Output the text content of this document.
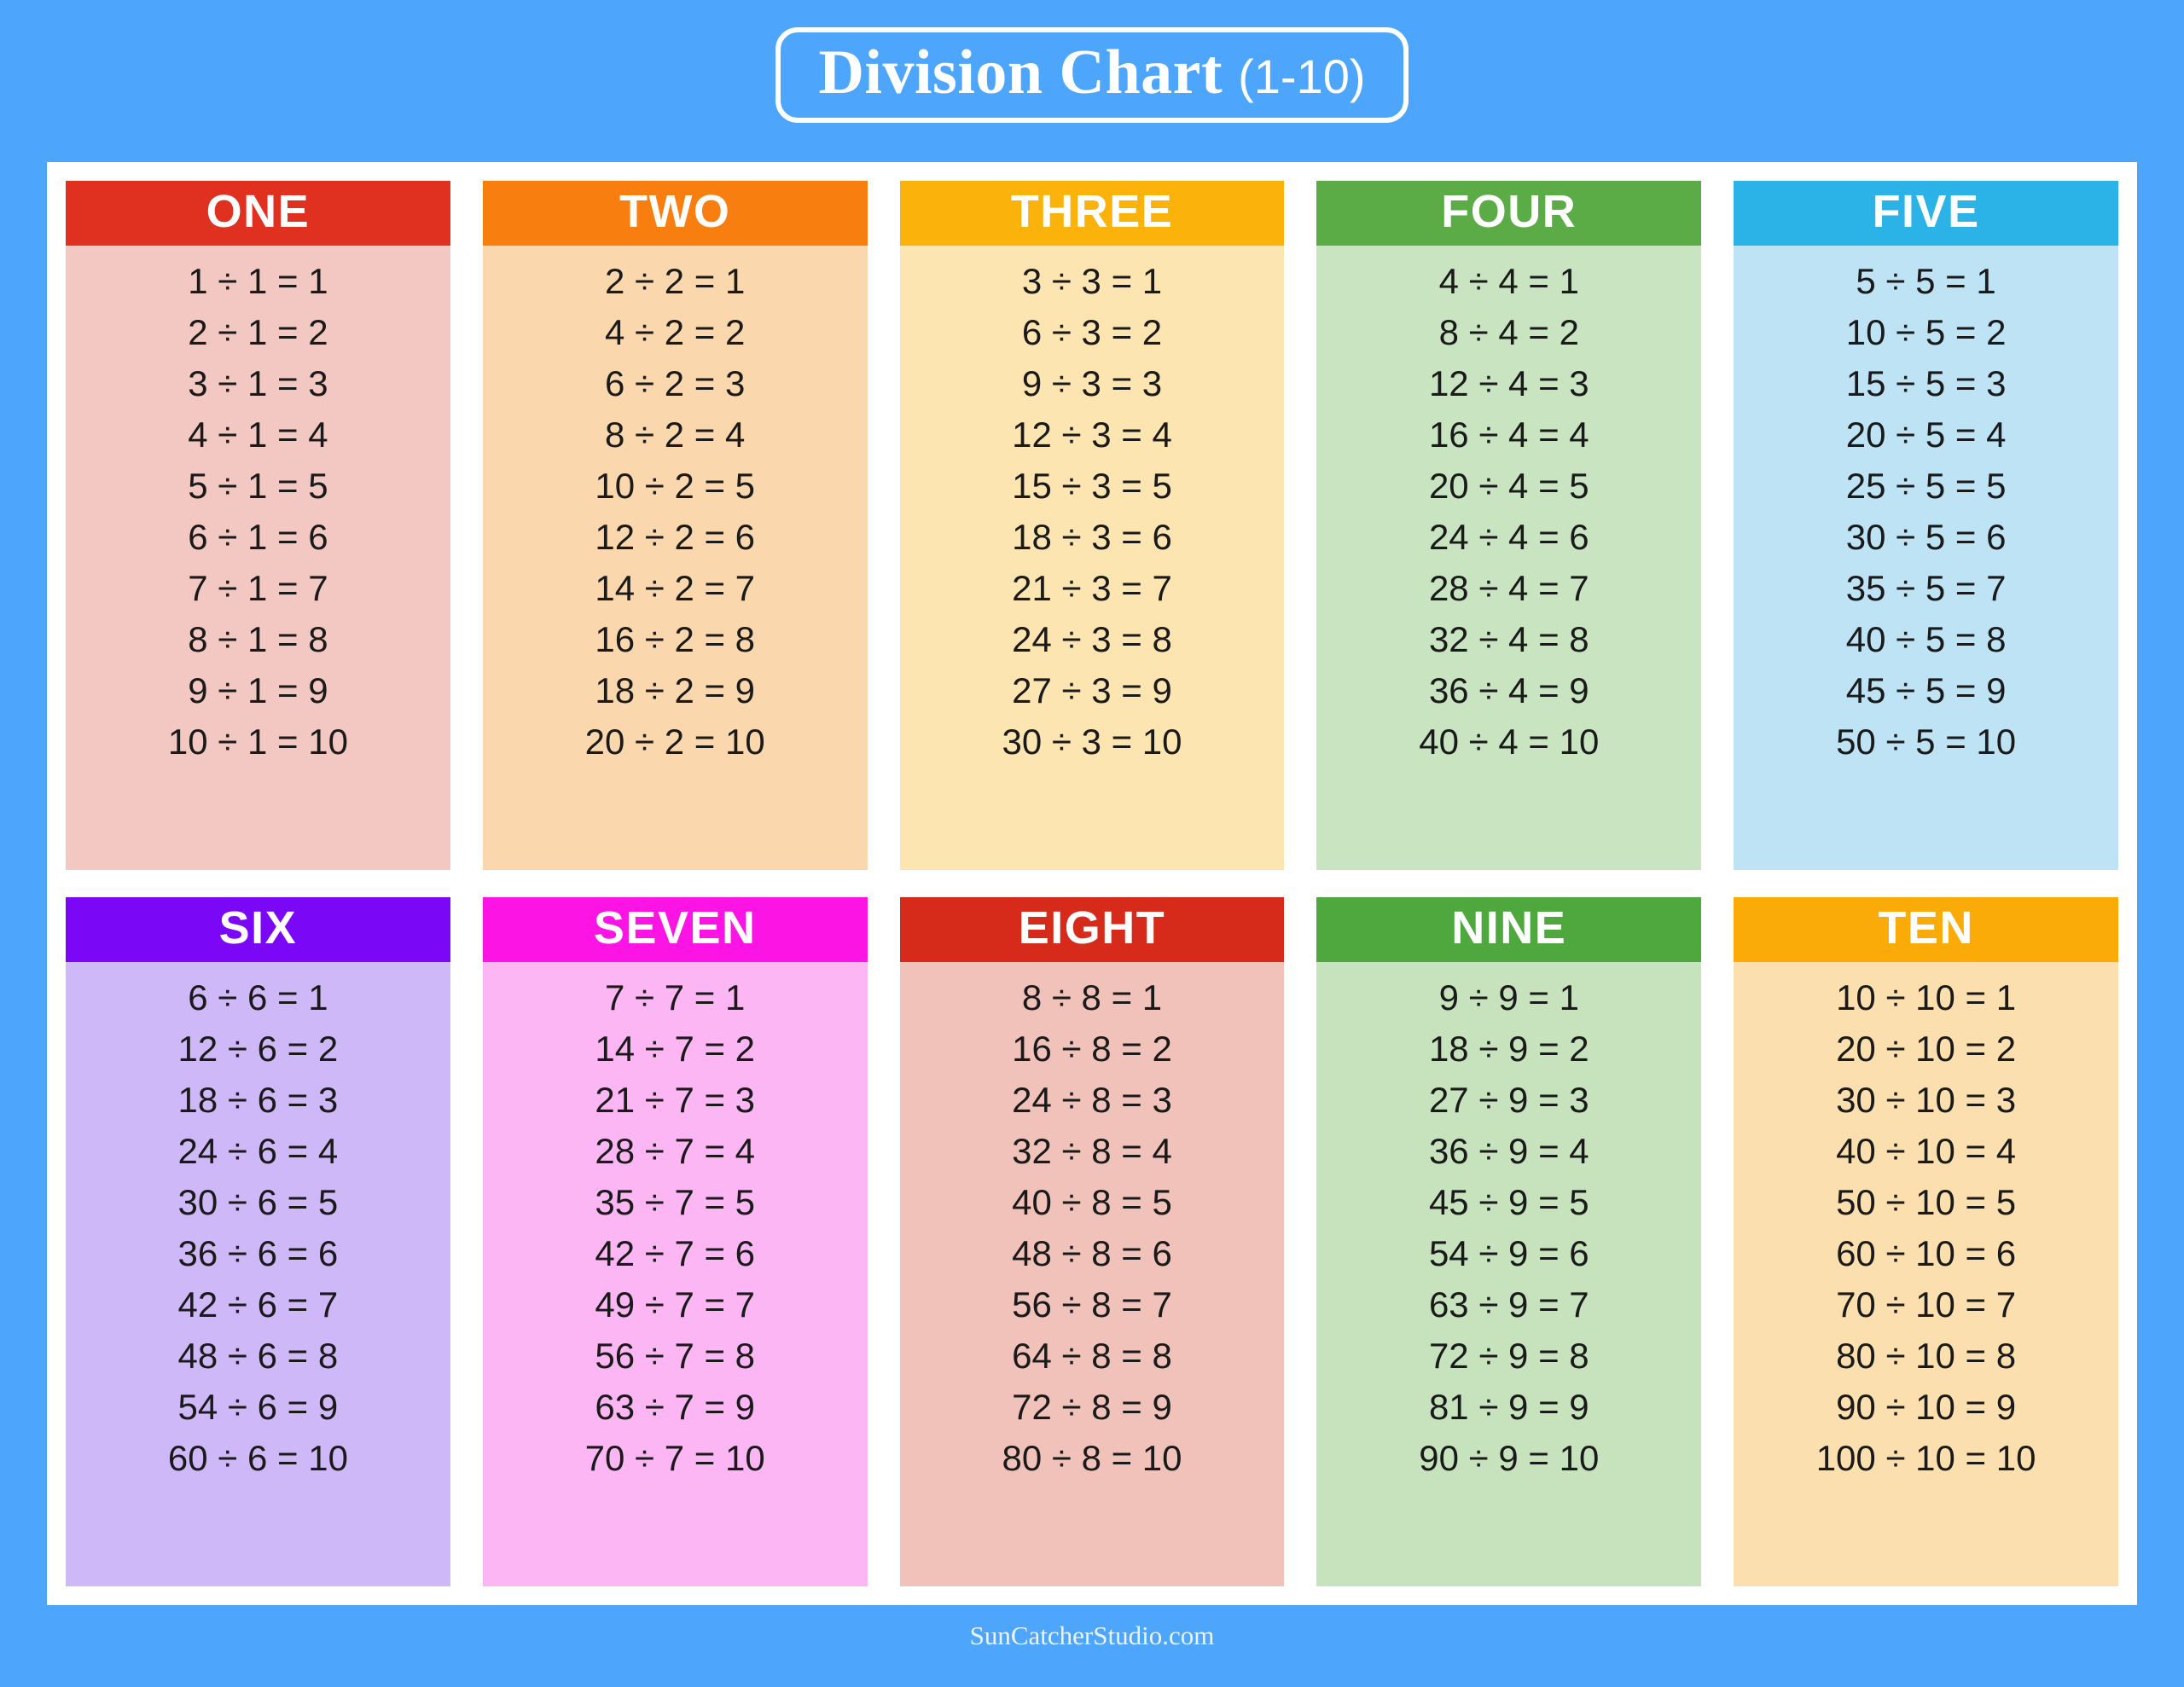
Division Chart (1-10)
ONE
1 ÷ 1 = 1
2 ÷ 1 = 2
3 ÷ 1 = 3
4 ÷ 1 = 4
5 ÷ 1 = 5
6 ÷ 1 = 6
7 ÷ 1 = 7
8 ÷ 1 = 8
9 ÷ 1 = 9
10 ÷ 1 = 10
TWO
2 ÷ 2 = 1
4 ÷ 2 = 2
6 ÷ 2 = 3
8 ÷ 2 = 4
10 ÷ 2 = 5
12 ÷ 2 = 6
14 ÷ 2 = 7
16 ÷ 2 = 8
18 ÷ 2 = 9
20 ÷ 2 = 10
THREE
3 ÷ 3 = 1
6 ÷ 3 = 2
9 ÷ 3 = 3
12 ÷ 3 = 4
15 ÷ 3 = 5
18 ÷ 3 = 6
21 ÷ 3 = 7
24 ÷ 3 = 8
27 ÷ 3 = 9
30 ÷ 3 = 10
FOUR
4 ÷ 4 = 1
8 ÷ 4 = 2
12 ÷ 4 = 3
16 ÷ 4 = 4
20 ÷ 4 = 5
24 ÷ 4 = 6
28 ÷ 4 = 7
32 ÷ 4 = 8
36 ÷ 4 = 9
40 ÷ 4 = 10
FIVE
5 ÷ 5 = 1
10 ÷ 5 = 2
15 ÷ 5 = 3
20 ÷ 5 = 4
25 ÷ 5 = 5
30 ÷ 5 = 6
35 ÷ 5 = 7
40 ÷ 5 = 8
45 ÷ 5 = 9
50 ÷ 5 = 10
SIX
6 ÷ 6 = 1
12 ÷ 6 = 2
18 ÷ 6 = 3
24 ÷ 6 = 4
30 ÷ 6 = 5
36 ÷ 6 = 6
42 ÷ 6 = 7
48 ÷ 6 = 8
54 ÷ 6 = 9
60 ÷ 6 = 10
SEVEN
7 ÷ 7 = 1
14 ÷ 7 = 2
21 ÷ 7 = 3
28 ÷ 7 = 4
35 ÷ 7 = 5
42 ÷ 7 = 6
49 ÷ 7 = 7
56 ÷ 7 = 8
63 ÷ 7 = 9
70 ÷ 7 = 10
EIGHT
8 ÷ 8 = 1
16 ÷ 8 = 2
24 ÷ 8 = 3
32 ÷ 8 = 4
40 ÷ 8 = 5
48 ÷ 8 = 6
56 ÷ 8 = 7
64 ÷ 8 = 8
72 ÷ 8 = 9
80 ÷ 8 = 10
NINE
9 ÷ 9 = 1
18 ÷ 9 = 2
27 ÷ 9 = 3
36 ÷ 9 = 4
45 ÷ 9 = 5
54 ÷ 9 = 6
63 ÷ 9 = 7
72 ÷ 9 = 8
81 ÷ 9 = 9
90 ÷ 9 = 10
TEN
10 ÷ 10 = 1
20 ÷ 10 = 2
30 ÷ 10 = 3
40 ÷ 10 = 4
50 ÷ 10 = 5
60 ÷ 10 = 6
70 ÷ 10 = 7
80 ÷ 10 = 8
90 ÷ 10 = 9
100 ÷ 10 = 10
SunCatcherStudio.com
